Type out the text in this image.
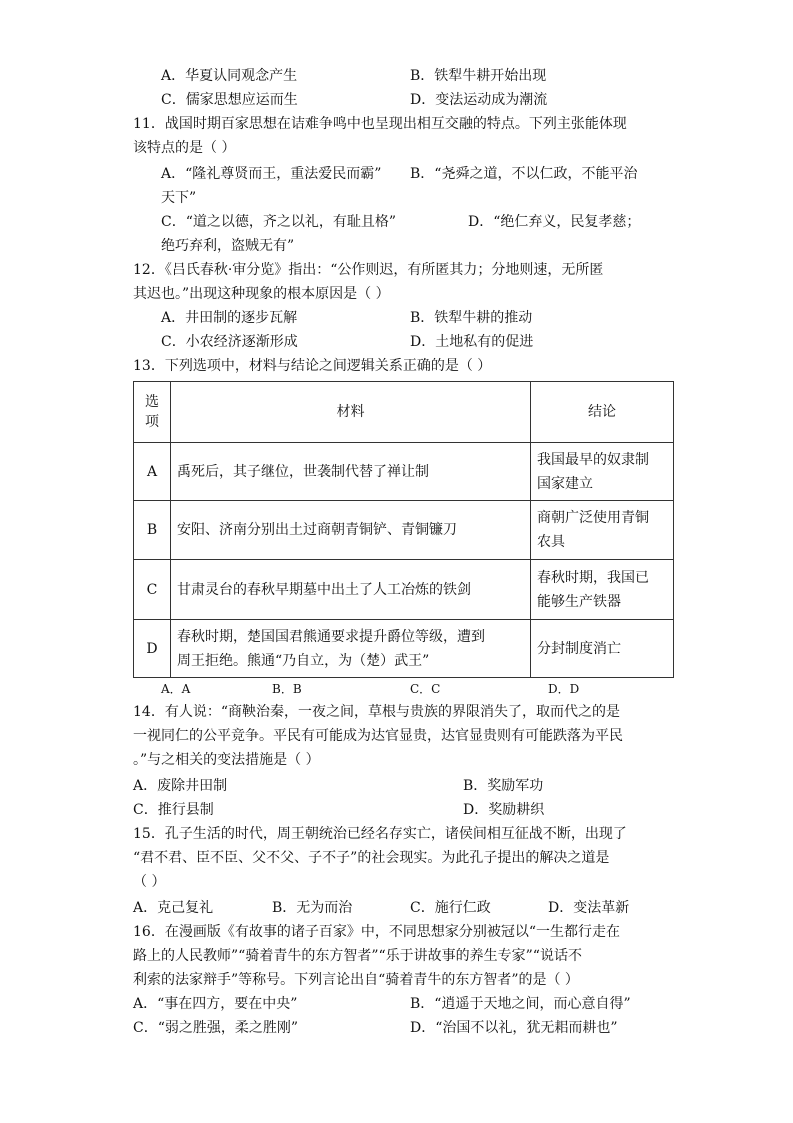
A．华夏认同观念产生	B．铁犁牛耕开始出现
C．儒家思想应运而生	D．变法运动成为潮流
11．战国时期百家思想在诘难争鸣中也呈现出相互交融的特点。下列主张能体现
该特点的是（ ）
A．“隆礼尊贤而王，重法爱民而霸” B．“尧舜之道，不以仁政，不能平治
天下”
C．“道之以德，齐之以礼，有耻且格”	D．“绝仁弃义，民复孝慈；
绝巧弃利，盗贼无有”
12．《吕氏春秋·审分览》指出：“公作则迟，有所匿其力；分地则速，无所匿
其迟也。”出现这种现象的根本原因是（ ）
A．井田制的逐步瓦解	B．铁犁牛耕的推动
C．小农经济逐渐形成	D．土地私有的促进
13．下列选项中，材料与结论之间逻辑关系正确的是（ ）
选
项	材料	结论
A	禹死后，其子继位，世袭制代替了禅让制	我国最早的奴隶制
国家建立

B	安阳、济南分别出土过商朝青铜铲、青铜镰刀	商朝广泛使用青铜
农具

C	甘肃灵台的春秋早期墓中出土了人工冶炼的铁剑	春秋时期，我国已
能够生产铁器

D	春秋时期，楚国国君熊通要求提升爵位等级，遭到
周王拒绝。熊通“乃自立，为（楚）武王”	分封制度消亡
A．A	B．B	C．C	D．D
14．有人说：“商鞅治秦，一夜之间，草根与贵族的界限消失了，取而代之的是
一视同仁的公平竞争。平民有可能成为达官显贵，达官显贵则有可能跌落为平民
。”与之相关的变法措施是（ ）
A．废除井田制	B．奖励军功
C．推行县制	D．奖励耕织
15．孔子生活的时代，周王朝统治已经名存实亡，诸侯间相互征战不断，出现了
“君不君、臣不臣、父不父、子不子”的社会现实。为此孔子提出的解决之道是
（ ）
A．克己复礼	B．无为而治	C．施行仁政	D．变法革新
16．在漫画版《有故事的诸子百家》中，不同思想家分别被冠以“一生都行走在
路上的人民教师”“骑着青牛的东方智者”“乐于讲故事的养生专家”“说话不
利索的法家辩手”等称号。下列言论出自“骑着青牛的东方智者”的是（ ）
A．“事在四方，要在中央”	B．“逍遥于天地之间，而心意自得”
C．“弱之胜强，柔之胜刚”	D．“治国不以礼，犹无耜而耕也”
